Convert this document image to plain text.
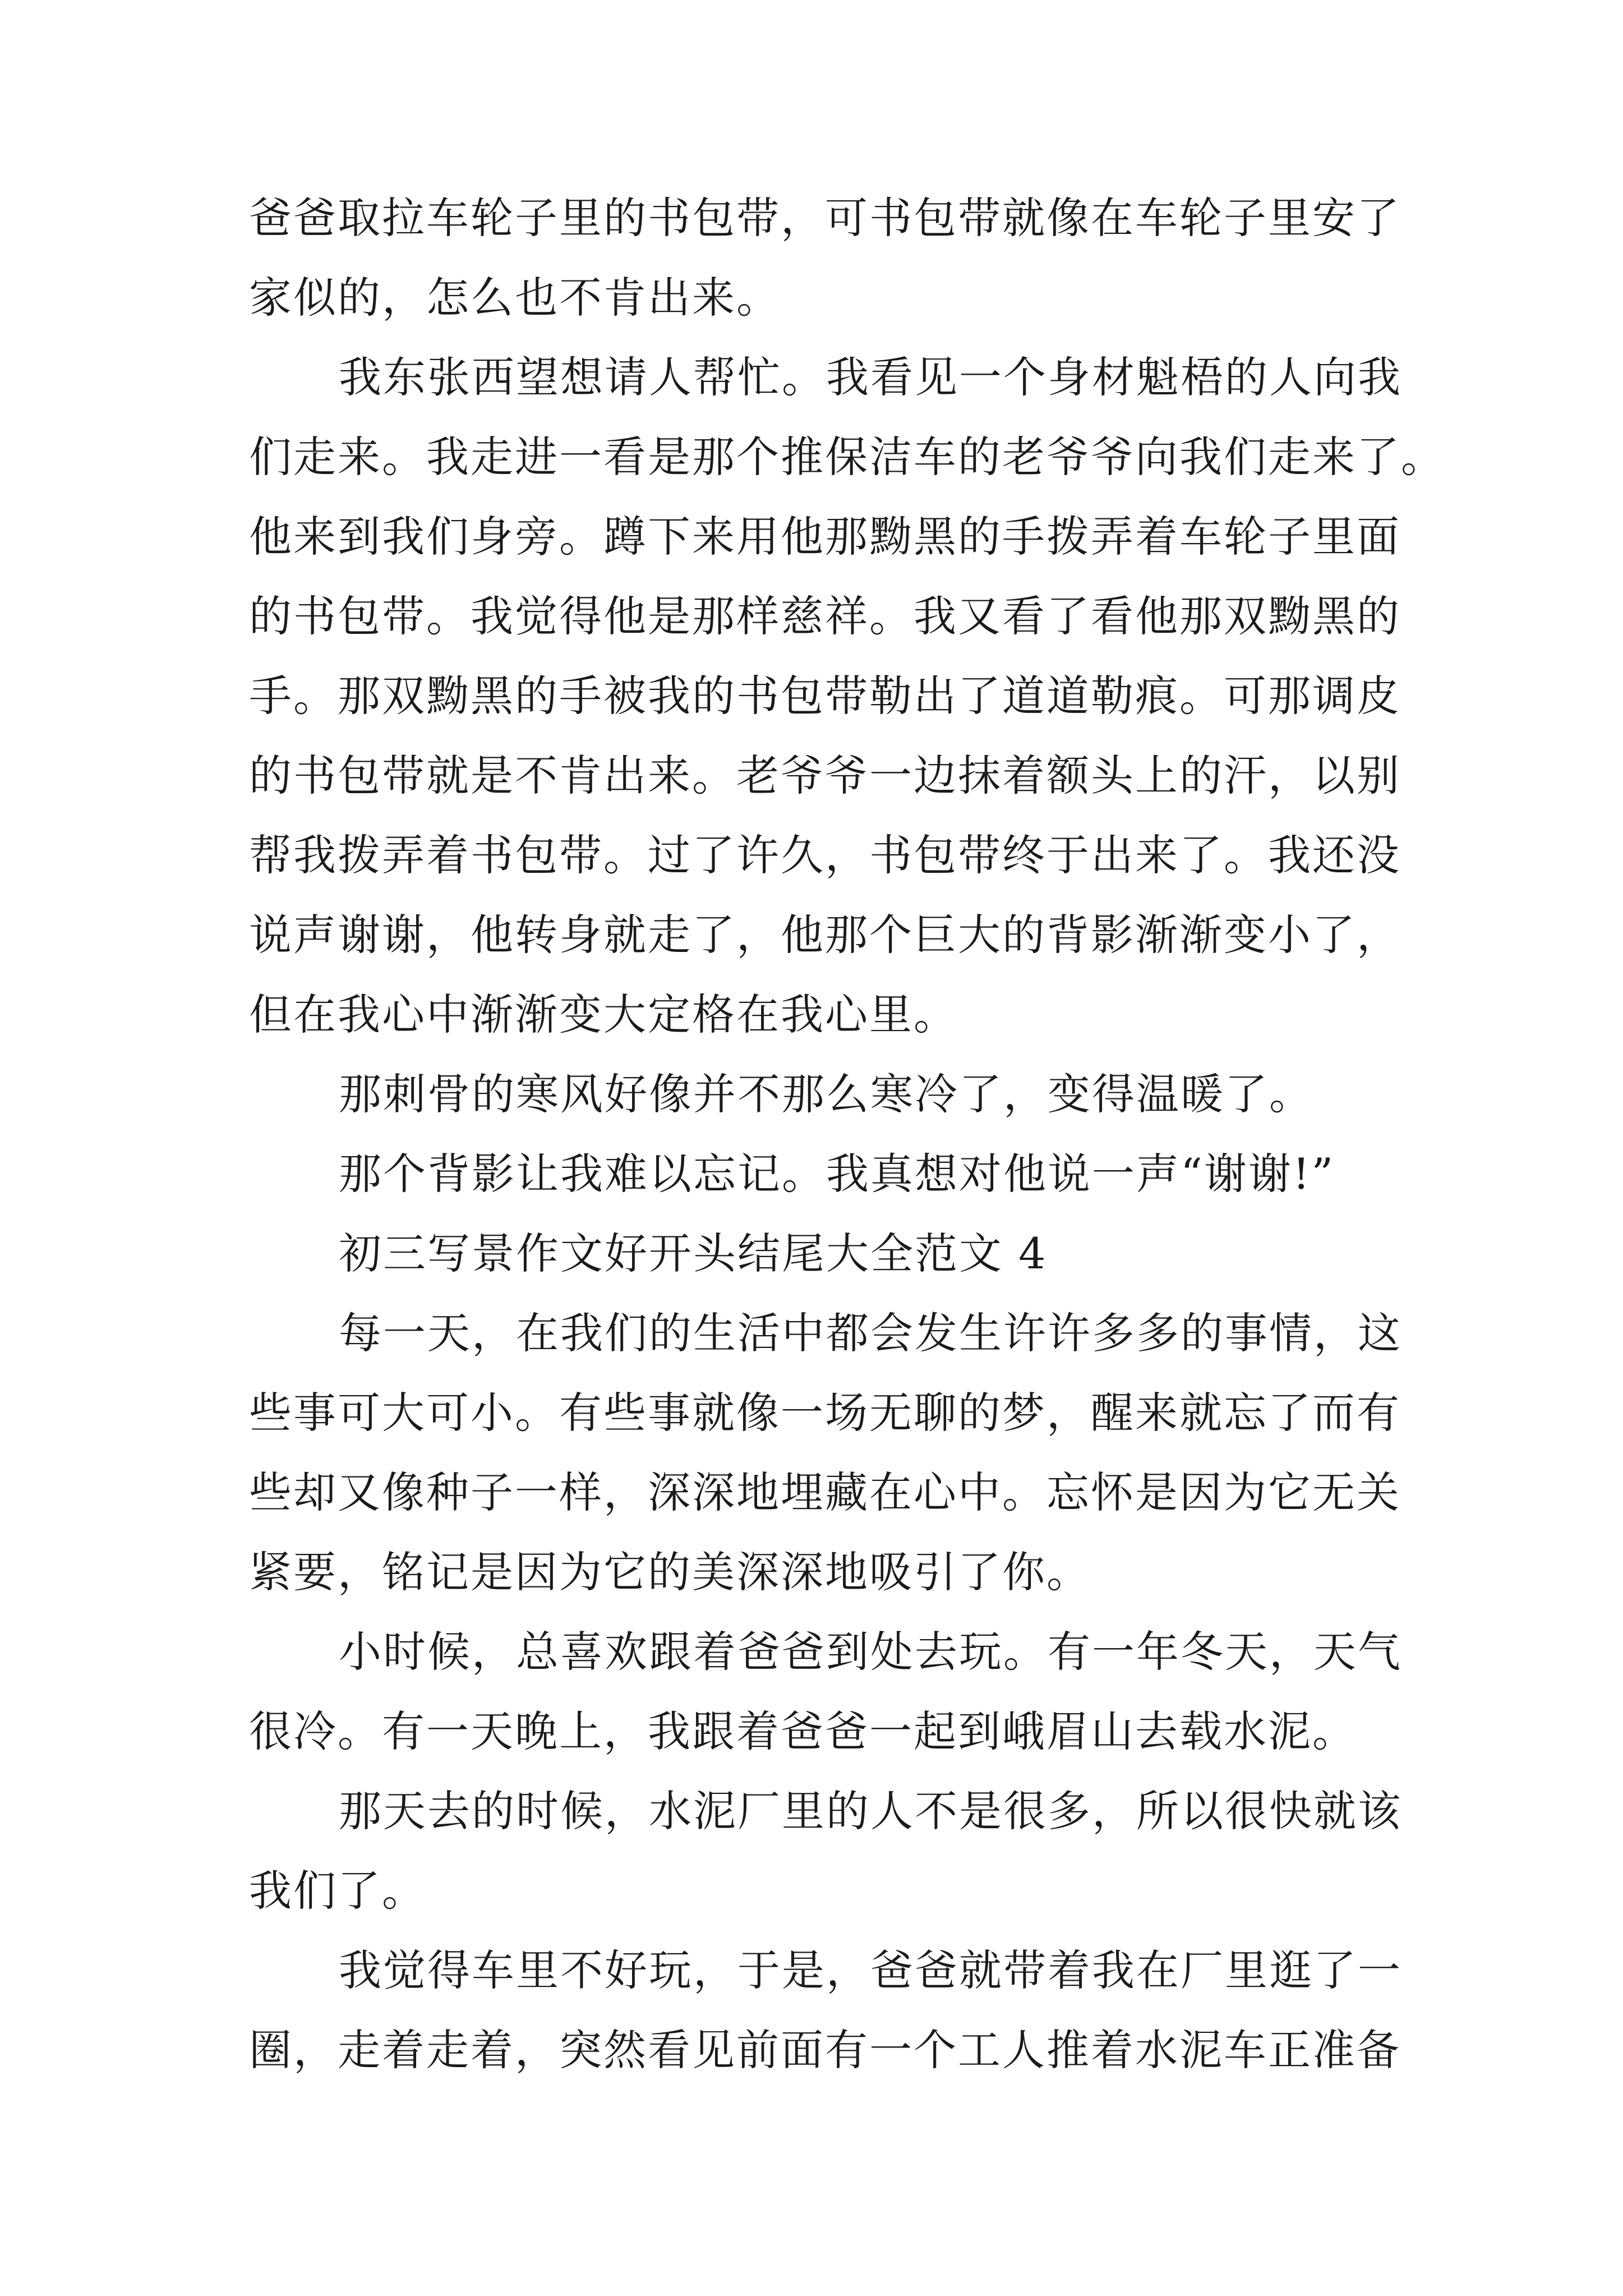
爸爸取拉车轮子里的书包带，可书包带就像在车轮子里安了
家似的，怎么也不肯出来。
我东张西望想请人帮忙。我看见一个身材魁梧的人向我
们走来。我走进一看是那个推保洁车的老爷爷向我们走来了。
他来到我们身旁。蹲下来用他那黝黑的手拨弄着车轮子里面
的书包带。我觉得他是那样慈祥。我又看了看他那双黝黑的
手。那双黝黑的手被我的书包带勒出了道道勒痕。可那调皮
的书包带就是不肯出来。老爷爷一边抹着额头上的汗，以别
帮我拨弄着书包带。过了许久，书包带终于出来了。我还没
说声谢谢，他转身就走了，他那个巨大的背影渐渐变小了，
但在我心中渐渐变大定格在我心里。
那刺骨的寒风好像并不那么寒冷了，变得温暖了。
那个背影让我难以忘记。我真想对他说一声“谢谢!”
初三写景作文好开头结尾大全范文 4
每一天，在我们的生活中都会发生许许多多的事情，这
些事可大可小。有些事就像一场无聊的梦，醒来就忘了而有
些却又像种子一样，深深地埋藏在心中。忘怀是因为它无关
紧要，铭记是因为它的美深深地吸引了你。
小时候，总喜欢跟着爸爸到处去玩。有一年冬天，天气
很冷。有一天晚上，我跟着爸爸一起到峨眉山去载水泥。
那天去的时候，水泥厂里的人不是很多，所以很快就该
我们了。
我觉得车里不好玩，于是，爸爸就带着我在厂里逛了一
圈，走着走着，突然看见前面有一个工人推着水泥车正准备
